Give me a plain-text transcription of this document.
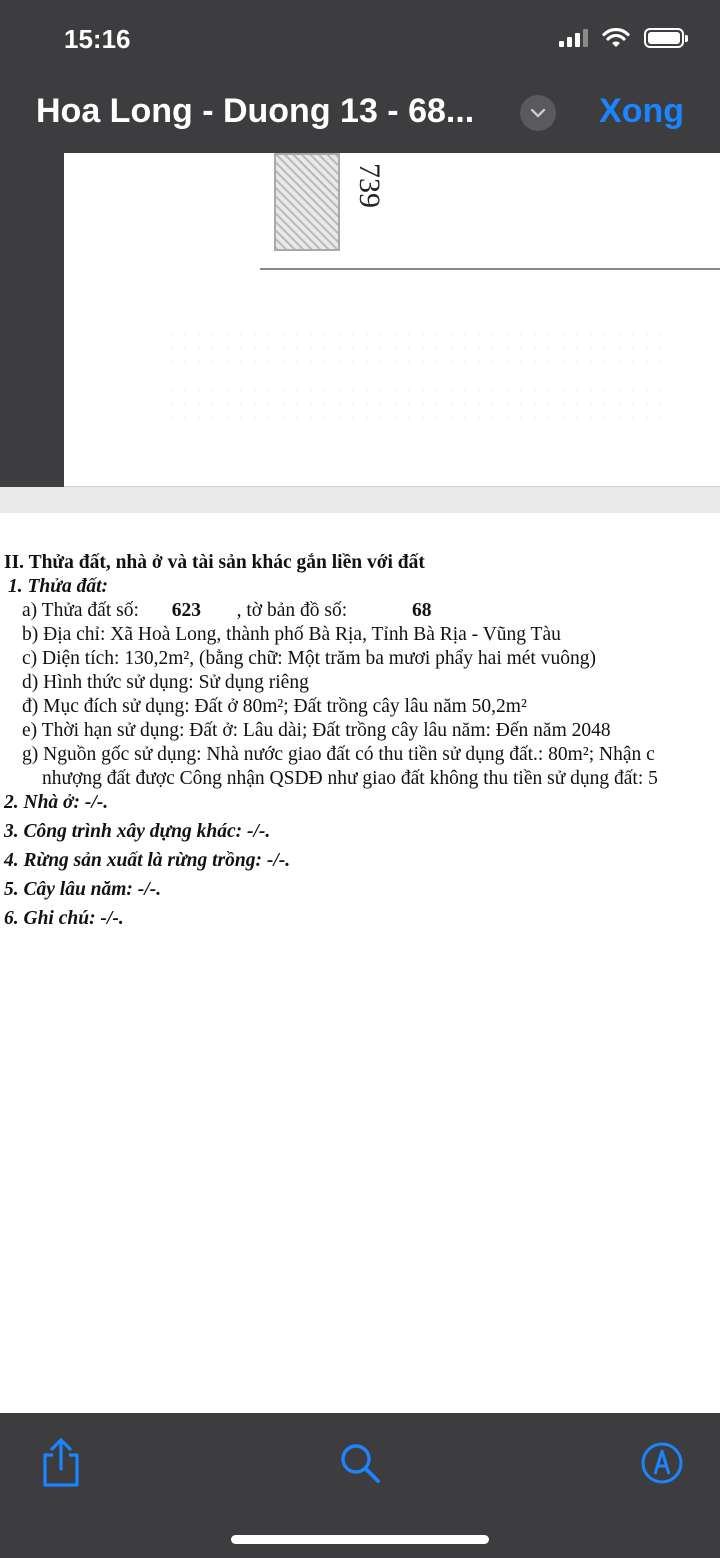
15:16
Hoa Long - Duong 13 - 68...	Xong
739
II. Thửa đất, nhà ở và tài sản khác gắn liền với đất
1. Thửa đất:
a) Thửa đất số: 623 , tờ bản đồ số:	68
b) Địa chỉ: Xã Hoà Long, thành phố Bà Rịa, Tỉnh Bà Rịa - Vũng Tàu
c) Diện tích: 130,2m², (bằng chữ: Một trăm ba mươi phẩy hai mét vuông)
d) Hình thức sử dụng: Sử dụng riêng
đ) Mục đích sử dụng: Đất ở 80m²; Đất trồng cây lâu năm 50,2m²
e) Thời hạn sử dụng: Đất ở: Lâu dài; Đất trồng cây lâu năm: Đến năm 2048
g) Nguồn gốc sử dụng: Nhà nước giao đất có thu tiền sử dụng đất.: 80m²; Nhận c
nhượng đất được Công nhận QSDĐ như giao đất không thu tiền sử dụng đất: 5
2. Nhà ở: -/-.
3. Công trình xây dựng khác: -/-.
4. Rừng sản xuất là rừng trồng: -/-.
5. Cây lâu năm: -/-.
6. Ghi chú: -/-.
